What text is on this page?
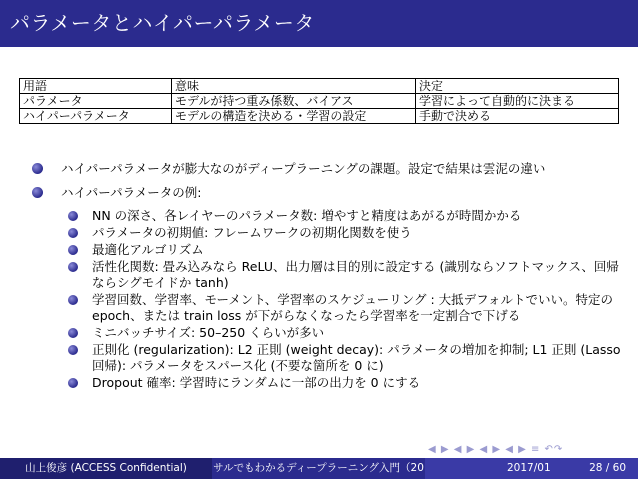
パラメータとハイパーパラメータ
用語	意味	決定
パラメータ	モデルが持つ重み係数、バイアス	学習によって自動的に決まる
ハイパーパラメータ	モデルの構造を決める・学習の設定	手動で決める
ハイパーパラメータが膨大なのがディープラーニングの課題。設定で結果は雲泥の違い
ハイパーパラメータの例:
NN の深さ、各レイヤーのパラメータ数: 増やすと精度はあがるが時間かかる
パラメータの初期値: フレームワークの初期化関数を使う
最適化アルゴリズム
活性化関数: 畳み込みなら ReLU、出力層は目的別に設定する (識別ならソフトマックス、回帰ならシグモイドか tanh)
学習回数、学習率、モーメント、学習率のスケジューリング : 大抵デフォルトでいい。特定の epoch、または train loss が下がらなくなったら学習率を一定割合で下げる
ミニバッチサイズ: 50–250 くらいが多い
正則化 (regularization): L2 正則 (weight decay): パラメータの増加を抑制; L1 正則 (Lasso 回帰): パラメータをスパース化 (不要な箇所を 0 に)
Dropout 確率: 学習時にランダムに一部の出力を 0 にする
◀ ▶ ◀ ▶ ◀ ▶ ◀ ▶ ≡ ↶↷
山上俊彦 (ACCESS Confidential)	サルでもわかるディープラーニング入門（20	2017/01	28 / 60
